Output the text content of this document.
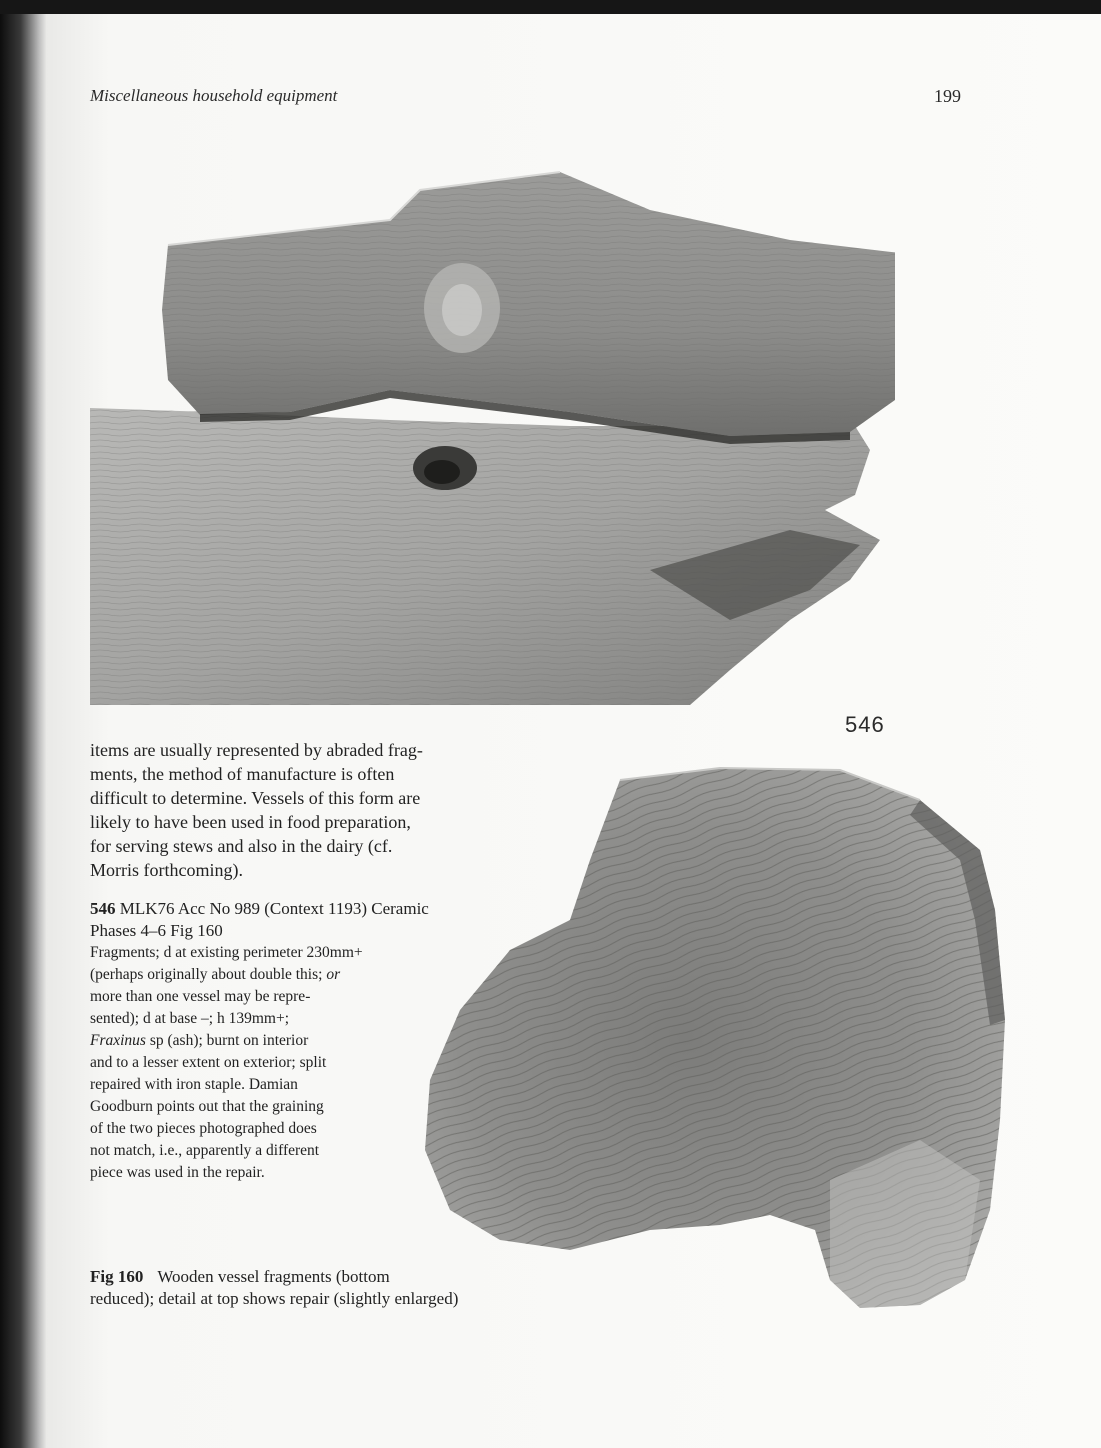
Miscellaneous household equipment	199
546
items are usually represented by abraded frag-
ments, the method of manufacture is often
difficult to determine. Vessels of this form are
likely to have been used in food preparation,
for serving stews and also in the dairy (cf.
Morris forthcoming).
546 MLK76 Acc No 989 (Context 1193) Ceramic
Phases 4–6 Fig 160
Fragments; d at existing perimeter 230mm+
(perhaps originally about double this; or
more than one vessel may be repre-
sented); d at base –; h 139mm+;
Fraxinus sp (ash); burnt on interior
and to a lesser extent on exterior; split
repaired with iron staple. Damian
Goodburn points out that the graining
of the two pieces photographed does
not match, i.e., apparently a different
piece was used in the repair.
Fig 160 Wooden vessel fragments (bottom
reduced); detail at top shows repair (slightly enlarged)
